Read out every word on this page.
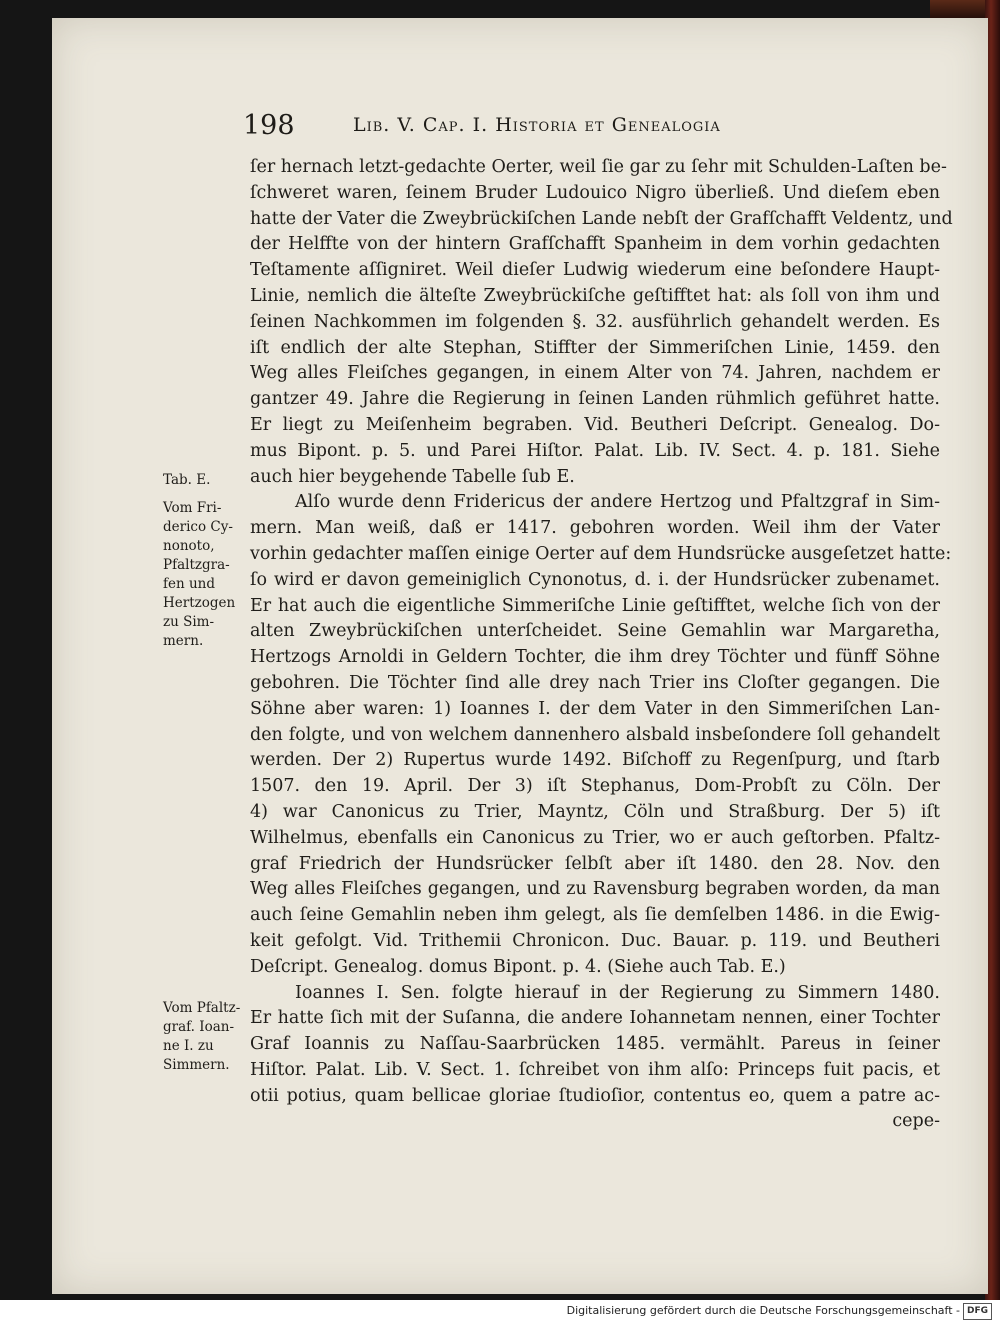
198	Lib. V. Cap. I. Historia et Genealogia
ſer hernach letzt-gedachte Oerter, weil ſie gar zu ſehr mit Schulden-Laſten be-
ſchweret waren, ſeinem Bruder Ludouico Nigro überließ. Und dieſem eben
hatte der Vater die Zweybrückiſchen Lande nebſt der Grafſchafft Veldentz, und
der Helffte von der hintern Grafſchafft Spanheim in dem vorhin gedachten
Teſtamente aſſigniret. Weil dieſer Ludwig wiederum eine beſondere Haupt-
Linie, nemlich die älteſte Zweybrückiſche geſtifftet hat: als ſoll von ihm und
ſeinen Nachkommen im folgenden §. 32. ausführlich gehandelt werden. Es
iſt endlich der alte Stephan, Stiffter der Simmeriſchen Linie, 1459. den
Weg alles Fleiſches gegangen, in einem Alter von 74. Jahren, nachdem er
gantzer 49. Jahre die Regierung in ſeinen Landen rühmlich geführet hatte.
Er liegt zu Meiſenheim begraben. Vid. Beutheri Deſcript. Genealog. Do-
mus Bipont. p. 5. und Parei Hiſtor. Palat. Lib. IV. Sect. 4. p. 181. Siehe
auch hier beygehende Tabelle ſub E.
Alſo wurde denn Fridericus der andere Hertzog und Pfaltzgraf in Sim-
mern. Man weiß, daß er 1417. gebohren worden. Weil ihm der Vater
vorhin gedachter maſſen einige Oerter auf dem Hundsrücke ausgeſetzet hatte:
ſo wird er davon gemeiniglich Cynonotus, d. i. der Hundsrücker zubenamet.
Er hat auch die eigentliche Simmeriſche Linie geſtifftet, welche ſich von der
alten Zweybrückiſchen unterſcheidet. Seine Gemahlin war Margaretha,
Hertzogs Arnoldi in Geldern Tochter, die ihm drey Töchter und fünff Söhne
gebohren. Die Töchter ſind alle drey nach Trier ins Cloſter gegangen. Die
Söhne aber waren: 1) Ioannes I. der dem Vater in den Simmeriſchen Lan-
den folgte, und von welchem dannenhero alsbald insbeſondere ſoll gehandelt
werden. Der 2) Rupertus wurde 1492. Biſchoff zu Regenſpurg, und ſtarb
1507. den 19. April. Der 3) iſt Stephanus, Dom-Probſt zu Cöln. Der
4) war Canonicus zu Trier, Mayntz, Cöln und Straßburg. Der 5) iſt
Wilhelmus, ebenfalls ein Canonicus zu Trier, wo er auch geſtorben. Pfaltz-
graf Friedrich der Hundsrücker ſelbſt aber iſt 1480. den 28. Nov. den
Weg alles Fleiſches gegangen, und zu Ravensburg begraben worden, da man
auch ſeine Gemahlin neben ihm gelegt, als ſie demſelben 1486. in die Ewig-
keit gefolgt. Vid. Trithemii Chronicon. Duc. Bauar. p. 119. und Beutheri
Deſcript. Genealog. domus Bipont. p. 4. (Siehe auch Tab. E.)
Ioannes I. Sen. folgte hierauf in der Regierung zu Simmern 1480.
Er hatte ſich mit der Suſanna, die andere Iohannetam nennen, einer Tochter
Graf Ioannis zu Naſſau-Saarbrücken 1485. vermählt. Pareus in ſeiner
Hiſtor. Palat. Lib. V. Sect. 1. ſchreibet von ihm alſo: Princeps fuit pacis, et
otii potius, quam bellicae gloriae ſtudioſior, contentus eo, quem a patre ac-
cepe-
Tab. E.
Vom Fri-
derico Cy-
nonoto,
Pfaltzgra-
fen und
Hertzogen
zu Sim-
mern.
Vom Pfaltz-
graf. Ioan-
ne I. zu
Simmern.
Digitalisierung gefördert durch die Deutsche Forschungsgemeinschaft - DFG
